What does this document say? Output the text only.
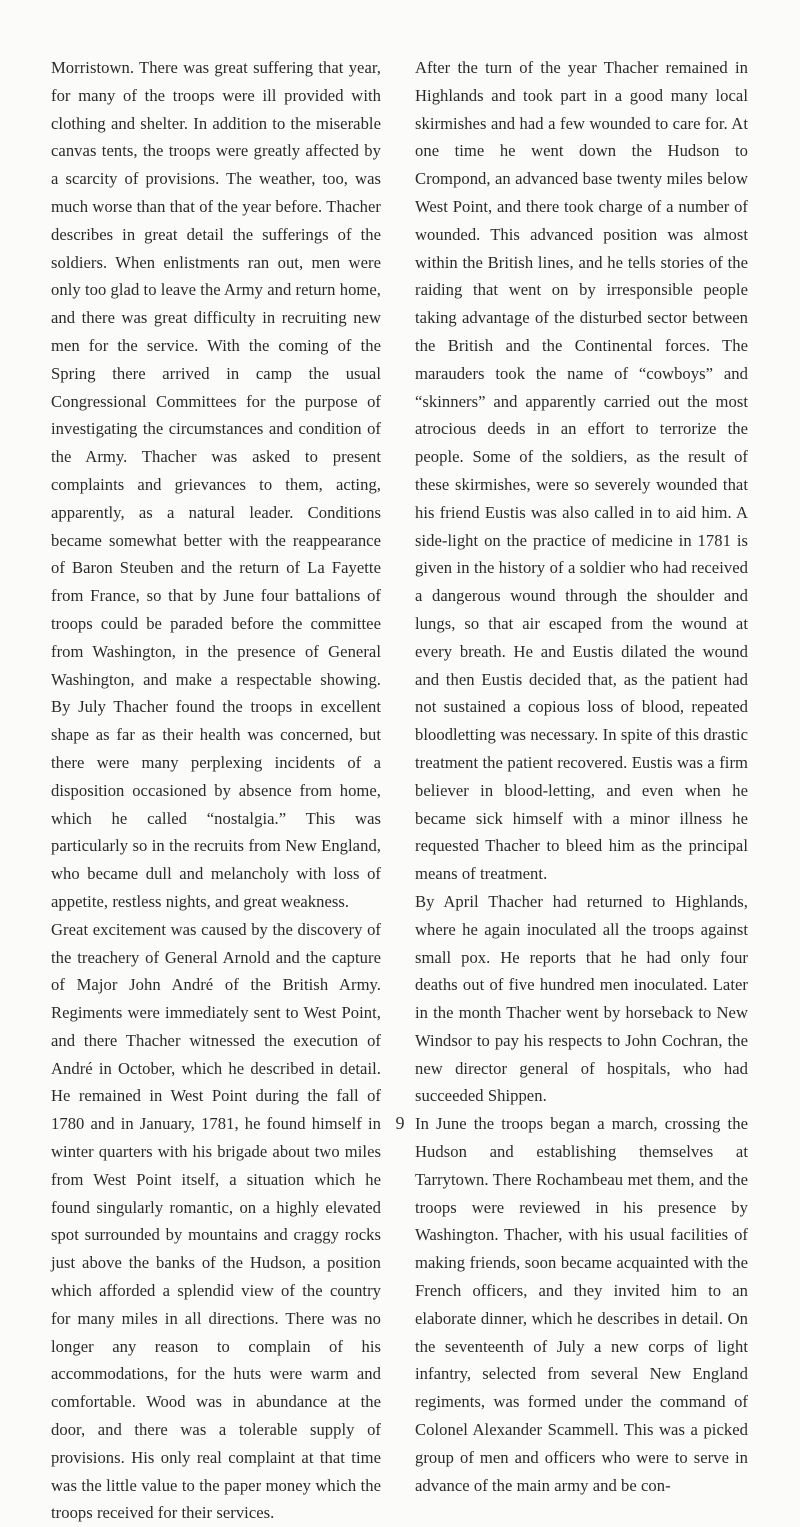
Morristown. There was great suffering that year, for many of the troops were ill provided with clothing and shelter. In addition to the miserable canvas tents, the troops were greatly affected by a scarcity of provisions. The weather, too, was much worse than that of the year before. Thacher describes in great detail the sufferings of the soldiers. When enlistments ran out, men were only too glad to leave the Army and return home, and there was great difficulty in recruiting new men for the service. With the coming of the Spring there arrived in camp the usual Congressional Committees for the purpose of investigating the circumstances and condition of the Army. Thacher was asked to present complaints and grievances to them, acting, apparently, as a natural leader. Conditions became somewhat better with the reappearance of Baron Steuben and the return of La Fayette from France, so that by June four battalions of troops could be paraded before the committee from Washington, in the presence of General Washington, and make a respectable showing. By July Thacher found the troops in excellent shape as far as their health was concerned, but there were many perplexing incidents of a disposition occasioned by absence from home, which he called “nostalgia.” This was particularly so in the recruits from New England, who became dull and melancholy with loss of appetite, restless nights, and great weakness.

Great excitement was caused by the discovery of the treachery of General Arnold and the capture of Major John André of the British Army. Regiments were immediately sent to West Point, and there Thacher witnessed the execution of André in October, which he described in detail. He remained in West Point during the fall of 1780 and in January, 1781, he found himself in winter quarters with his brigade about two miles from West Point itself, a situation which he found singularly romantic, on a highly elevated spot surrounded by mountains and craggy rocks just above the banks of the Hudson, a position which afforded a splendid view of the country for many miles in all directions. There was no longer any reason to complain of his accommodations, for the huts were warm and comfortable. Wood was in abundance at the door, and there was a tolerable supply of provisions. His only real complaint at that time was the little value to the paper money which the troops received for their services.

After the turn of the year Thacher remained in Highlands and took part in a good many local skirmishes and had a few wounded to care for. At one time he went down the Hudson to Crompond, an advanced base twenty miles below West Point, and there took charge of a number of wounded. This advanced position was almost within the British lines, and he tells stories of the raiding that went on by irresponsible people taking advantage of the disturbed sector between the British and the Continental forces. The marauders took the name of “cowboys” and “skinners” and apparently carried out the most atrocious deeds in an effort to terrorize the people. Some of the soldiers, as the result of these skirmishes, were so severely wounded that his friend Eustis was also called in to aid him. A side-light on the practice of medicine in 1781 is given in the history of a soldier who had received a dangerous wound through the shoulder and lungs, so that air escaped from the wound at every breath. He and Eustis dilated the wound and then Eustis decided that, as the patient had not sustained a copious loss of blood, repeated bloodletting was necessary. In spite of this drastic treatment the patient recovered. Eustis was a firm believer in blood-letting, and even when he became sick himself with a minor illness he requested Thacher to bleed him as the principal means of treatment.

By April Thacher had returned to Highlands, where he again inoculated all the troops against small pox. He reports that he had only four deaths out of five hundred men inoculated. Later in the month Thacher went by horseback to New Windsor to pay his respects to John Cochran, the new director general of hospitals, who had succeeded Shippen.

In June the troops began a march, crossing the Hudson and establishing themselves at Tarrytown. There Rochambeau met them, and the troops were reviewed in his presence by Washington. Thacher, with his usual facilities of making friends, soon became acquainted with the French officers, and they invited him to an elaborate dinner, which he describes in detail. On the seventeenth of July a new corps of light infantry, selected from several New England regiments, was formed under the command of Colonel Alexander Scammell. This was a picked group of men and officers who were to serve in advance of the main army and be con-

9
